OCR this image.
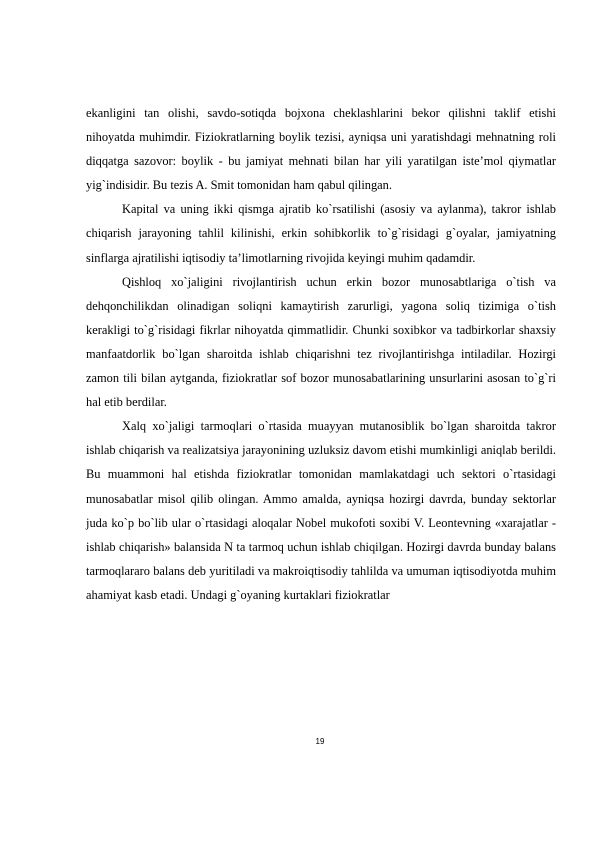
ekanligini tan olishi, savdo-sotiqda bojxona cheklashlarini bekor qilishni taklif etishi nihoyatda muhimdir. Fiziokratlarning boylik tezisi, ayniqsa uni yaratishdagi mehnatning roli diqqatga sazovor: boylik - bu jamiyat mehnati bilan har yili yaratilgan iste’mol qiymatlar yig`indisidir. Bu tezis A. Smit tomonidan ham qabul qilingan.

Kapital va uning ikki qismga ajratib ko`rsatilishi (asosiy va aylanma), takror ishlab chiqarish jarayoning tahlil kilinishi, erkin sohibkorlik to`g`risidagi g`oyalar, jamiyatning sinflarga ajratilishi iqtisodiy ta’limotlarning rivojida keyingi muhim qadamdir.

Qishloq xo`jaligini rivojlantirish uchun erkin bozor munosabtlariga o`tish va dehqonchilikdan olinadigan soliqni kamaytirish zarurligi, yagona soliq tizimiga o`tish kerakligi to`g`risidagi fikrlar nihoyatda qimmatlidir. Chunki soxibkor va tadbirkorlar shaxsiy manfaatdorlik bo`lgan sharoitda ishlab chiqarishni tez rivojlantirishga intiladilar. Hozirgi zamon tili bilan aytganda, fiziokratlar sof bozor munosabatlarining unsurlarini asosan to`g`ri hal etib berdilar.

Xalq xo`jaligi tarmoqlari o`rtasida muayyan mutanosiblik bo`lgan sharoitda takror ishlab chiqarish va realizatsiya jarayonining uzluksiz davom etishi mumkinligi aniqlab berildi. Bu muammoni hal etishda fiziokratlar tomonidan mamlakatdagi uch sektori o`rtasidagi munosabatlar misol qilib olingan. Ammo amalda, ayniqsa hozirgi davrda, bunday sektorlar juda ko`p bo`lib ular o`rtasidagi aloqalar Nobel mukofoti soxibi V. Leontevning «xarajatlar - ishlab chiqarish» balansida N ta tarmoq uchun ishlab chiqilgan. Hozirgi davrda bunday balans tarmoqlararo balans deb yuritiladi va makroiqtisodiy tahlilda va umuman iqtisodiyotda muhim ahamiyat kasb etadi. Undagi g`oyaning kurtaklari fiziokratlar

19
